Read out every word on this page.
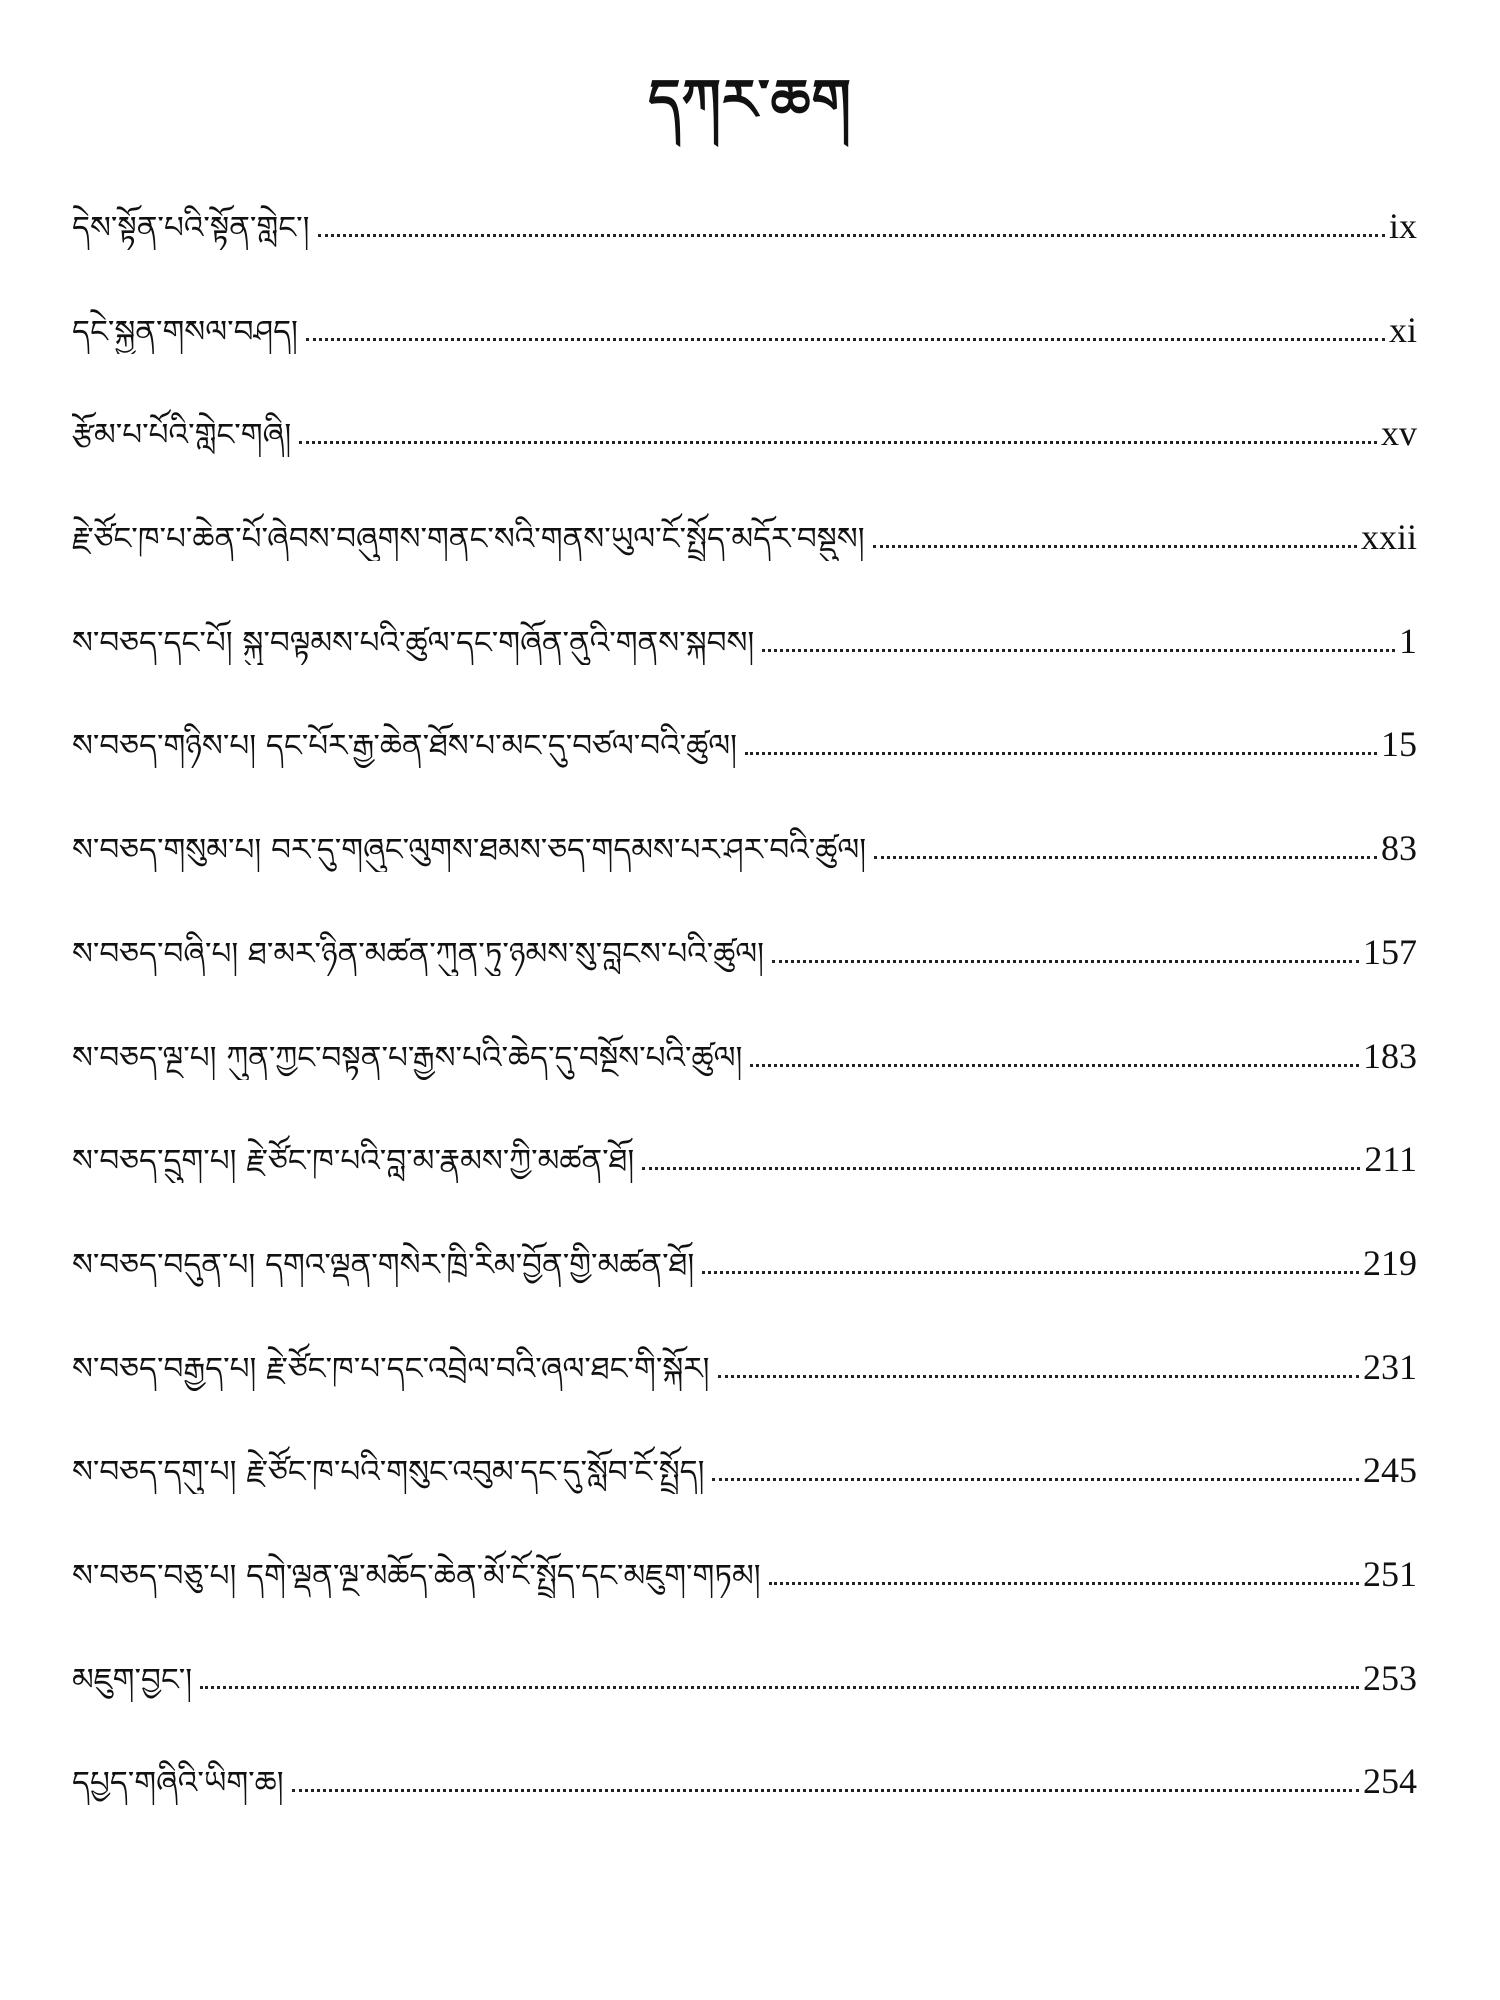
དཀར་ཆག
དེས་སྟོན་པའི་སྟོན་གླེང་།	ix
དངེ་སྐྱན་གསལ་བཤད།	xi
རྩོམ་པ་པོའི་གླེང་གཞི།	xv
རྗེ་ཙོང་ཁ་པ་ཆེན་པོ་ཞེབས་བཞུགས་གནང་སའི་གནས་ཡུལ་ངོ་སྤྲོད་མདོར་བསྡུས།	xxii
ས་བཅད་དང་པོ། སྐུ་བལྟམས་པའི་ཚུལ་དང་གཞོན་ནུའི་གནས་སྐབས།	1
ས་བཅད་གཉིས་པ། དང་པོར་རྒྱ་ཆེན་ཐོས་པ་མང་དུ་བཙལ་བའི་ཚུལ།	15
ས་བཅད་གསུམ་པ། བར་དུ་གཞུང་ལུགས་ཐམས་ཅད་གདམས་པར་ཤར་བའི་ཚུལ།	83
ས་བཅད་བཞི་པ། ཐ་མར་ཉིན་མཚན་ཀུན་ཏུ་ཉམས་སུ་བླངས་པའི་ཚུལ།	157
ས་བཅད་ལྔ་པ། ཀུན་ཀྱང་བསྟན་པ་རྒྱས་པའི་ཆེད་དུ་བསྔོས་པའི་ཚུལ།	183
ས་བཅད་དྲུག་པ། རྗེ་ཙོང་ཁ་པའི་བླ་མ་རྣམས་ཀྱི་མཚན་ཐོ།	211
ས་བཅད་བདུན་པ། དགའ་ལྡན་གསེར་ཁྲི་རིམ་བྱོན་གྱི་མཚན་ཐོ།	219
ས་བཅད་བརྒྱད་པ། རྗེ་ཙོང་ཁ་པ་དང་འབྲེལ་བའི་ཞལ་ཐང་གི་སྐོར།	231
ས་བཅད་དགུ་པ། རྗེ་ཙོང་ཁ་པའི་གསུང་འབུམ་དང་དུ་སློབ་ངོ་སྤྲོད།	245
ས་བཅད་བཅུ་པ། དགེ་ལྡན་ལྔ་མཆོད་ཆེན་མོ་ངོ་སྤྲོད་དང་མཇུག་གཏམ།	251
མཇུག་བྱང་།	253
དཔྱད་གཞིའི་ཡིག་ཆ།	254
